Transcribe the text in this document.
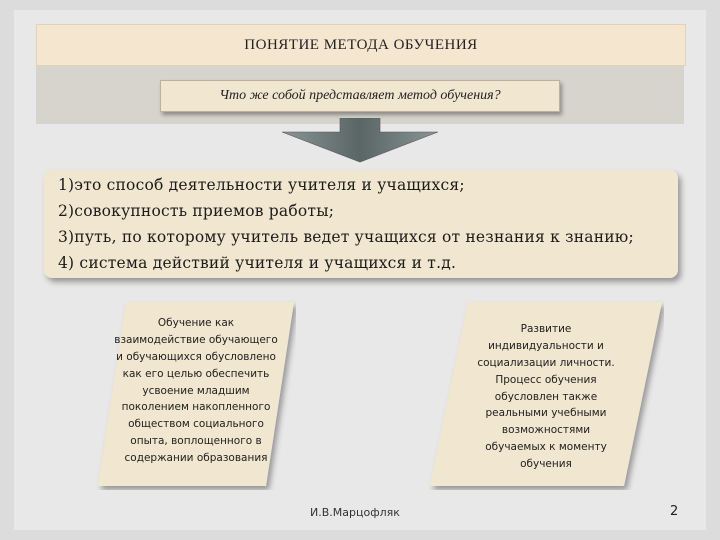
ПОНЯТИЕ МЕТОДА ОБУЧЕНИЯ
Что же собой представляет метод обучения?
1)это способ деятельности учителя и учащихся;
2)совокупность приемов работы;
3)путь, по которому учитель ведет учащихся от незнания к знанию;
4) система действий учителя и учащихся и т.д.
Обучение как взаимодействие обучающего и обучающихся обусловлено как его целью обеспечить усвоение младшим поколением накопленного обществом социального опыта, воплощенного в содержании образования
Развитие индивидуальности и социализации личности. Процесс обучения обусловлен также реальными учебными возможностями обучаемых к моменту обучения
И.В.Марцофляк	2
